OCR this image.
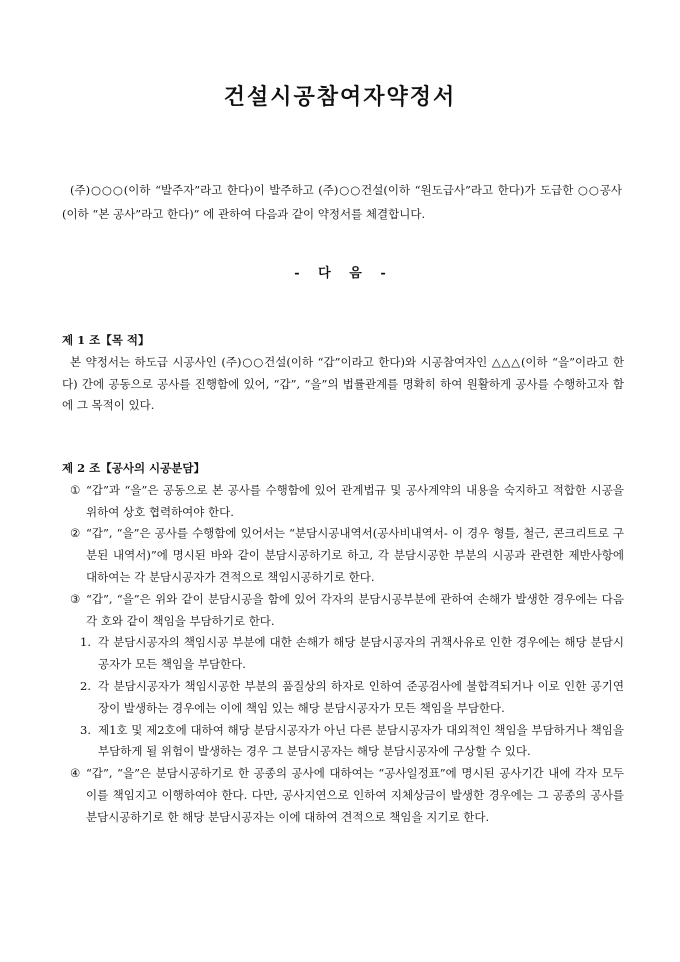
건설시공참여자약정서
(주)○○○(이하 “발주자”라고 한다)이 발주하고 (주)○○건설(이하 “원도급사”라고 한다)가 도급한 ○○공사(이하 “본 공사”라고 한다)” 에 관하여 다음과 같이 약정서를 체결합니다.
- 다 음 -
제 1 조【목 적】
본 약정서는 하도급 시공사인 (주)○○건설(이하 “갑”이라고 한다)와 시공참여자인 △△△(이하 “을”이라고 한다) 간에 공동으로 공사를 진행함에 있어, “갑”, “을”의 법률관계를 명확히 하여 원활하게 공사를 수행하고자 함에 그 목적이 있다.
제 2 조【공사의 시공분담】
① “갑”과 “을”은 공동으로 본 공사를 수행함에 있어 관계법규 및 공사계약의 내용을 숙지하고 적합한 시공을 위하여 상호 협력하여야 한다.
② “갑”, “을”은 공사를 수행함에 있어서는 “분담시공내역서(공사비내역서- 이 경우 형틀, 철근, 콘크리트로 구분된 내역서)”에 명시된 바와 같이 분담시공하기로 하고, 각 분담시공한 부분의 시공과 관련한 제반사항에 대하여는 각 분담시공자가 견적으로 책임시공하기로 한다.
③ “갑”, “을”은 위와 같이 분담시공을 함에 있어 각자의 분담시공부분에 관하여 손해가 발생한 경우에는 다음 각 호와 같이 책임을 부담하기로 한다.
1. 각 분담시공자의 책임시공 부분에 대한 손해가 해당 분담시공자의 귀책사유로 인한 경우에는 해당 분담시공자가 모든 책임을 부담한다.
2. 각 분담시공자가 책임시공한 부분의 품질상의 하자로 인하여 준공검사에 불합격되거나 이로 인한 공기연장이 발생하는 경우에는 이에 책임 있는 해당 분담시공자가 모든 책임을 부담한다.
3. 제1호 및 제2호에 대하여 해당 분담시공자가 아닌 다른 분담시공자가 대외적인 책임을 부담하거나 책임을 부담하게 될 위험이 발생하는 경우 그 분담시공자는 해당 분담시공자에 구상할 수 있다.
④ “갑”, “을”은 분담시공하기로 한 공종의 공사에 대하여는 “공사일정표”에 명시된 공사기간 내에 각자 모두 이를 책임지고 이행하여야 한다. 다만, 공사지연으로 인하여 지체상금이 발생한 경우에는 그 공종의 공사를 분담시공하기로 한 해당 분담시공자는 이에 대하여 견적으로 책임을 지기로 한다.
